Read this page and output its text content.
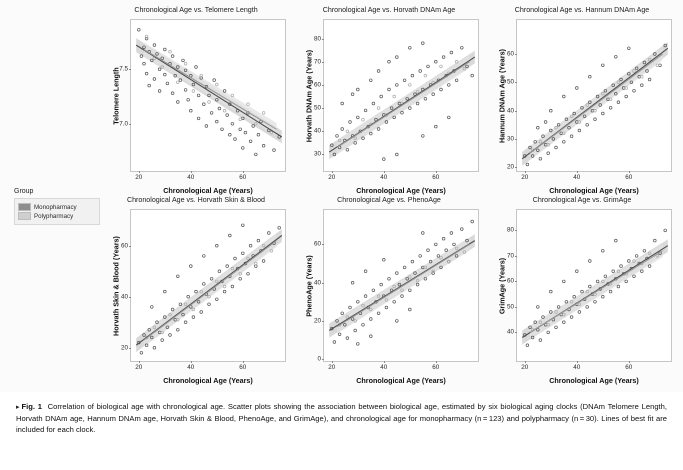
Group
Monopharmacy
Polypharmacy
Chronological Age vs. Telomere Length
7.0
7.5
20	40	60
Chronological Age (Years)
Telomere Length
Chronological Age vs. Horvath DNAm Age
30
40
50
60
70
80
20	40	60
Chronological Age (Years)
Horvath DNAm Age (Years)
Chronological Age vs. Hannum DNAm Age
20
30
40
50
60
20	40	60
Chronological Age (Years)
Hannum DNAm Age (Years)
Chronological Age vs. Horvath Skin & Blood
20
40
60
20	40	60
Chronological Age (Years)
Horvath Skin & Blood (Years)
Chronological Age vs. PhenoAge
0
20
40
60
20	40	60
Chronological Age (Years)
PhenoAge (Years)
Chronological Age vs. GrimAge
40
50
60
70
80
20	40	60
Chronological Age (Years)
GrimAge (Years)
▸ Fig. 1 Correlation of biological age with chronological age. Scatter plots showing the association between biological age, estimated by six biological aging clocks (DNAm Telomere Length, Horvath DNAm age, Hannum DNAm age, Horvath Skin & Blood, PhenoAge, and GrimAge), and chronological age for monopharmacy (n = 123) and polypharmacy (n = 30). Lines of best fit are included for each clock.
